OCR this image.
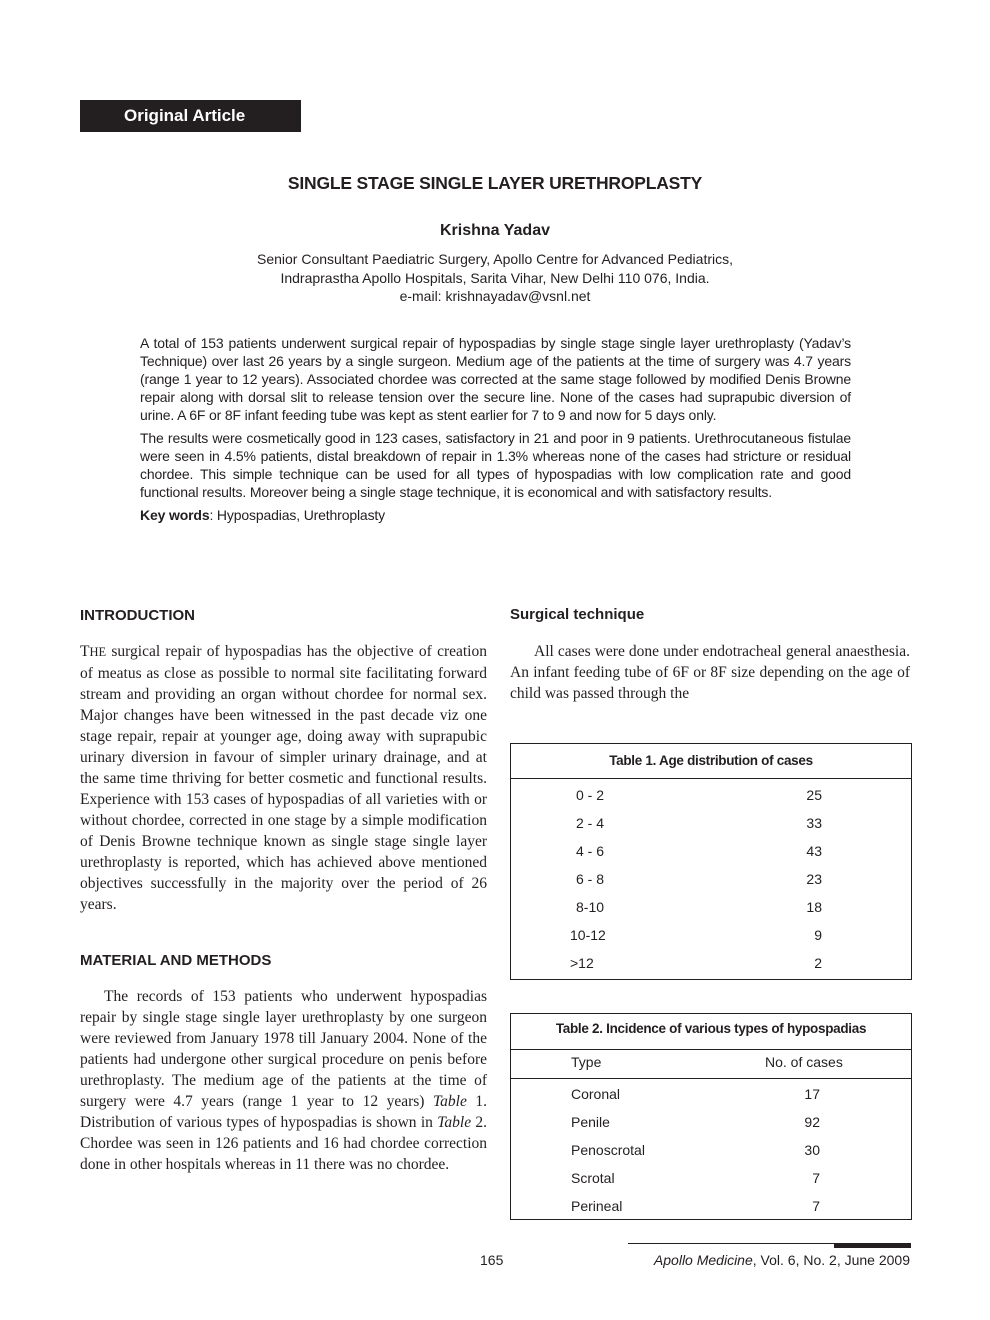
Original Article
SINGLE STAGE SINGLE LAYER URETHROPLASTY
Krishna Yadav
Senior Consultant Paediatric Surgery, Apollo Centre for Advanced Pediatrics,
Indraprastha Apollo Hospitals, Sarita Vihar, New Delhi 110 076, India.
e-mail: krishnayadav@vsnl.net

A total of 153 patients underwent surgical repair of hypospadias by single stage single layer urethroplasty (Yadav’s Technique) over last 26 years by a single surgeon. Medium age of the patients at the time of surgery was 4.7 years (range 1 year to 12 years). Associated chordee was corrected at the same stage followed by modified Denis Browne repair along with dorsal slit to release tension over the secure line. None of the cases had suprapubic diversion of urine. A 6F or 8F infant feeding tube was kept as stent earlier for 7 to 9 and now for 5 days only.

The results were cosmetically good in 123 cases, satisfactory in 21 and poor in 9 patients. Urethrocutaneous fistulae were seen in 4.5% patients, distal breakdown of repair in 1.3% whereas none of the cases had stricture or residual chordee. This simple technique can be used for all types of hypospadias with low complication rate and good functional results. Moreover being a single stage technique, it is economical and with satisfactory results.

Key words: Hypospadias, Urethroplasty
INTRODUCTION

THE surgical repair of hypospadias has the objective of creation of meatus as close as possible to normal site facilitating forward stream and providing an organ without chordee for normal sex. Major changes have been witnessed in the past decade viz one stage repair, repair at younger age, doing away with suprapubic urinary diversion in favour of simpler urinary drainage, and at the same time thriving for better cosmetic and functional results. Experience with 153 cases of hypospadias of all varieties with or without chordee, corrected in one stage by a simple modification of Denis Browne technique known as single stage single layer urethroplasty is reported, which has achieved above mentioned objectives successfully in the majority over the period of 26 years.

MATERIAL AND METHODS

The records of 153 patients who underwent hypospadias repair by single stage single layer urethroplasty by one surgeon were reviewed from January 1978 till January 2004. None of the patients had undergone other surgical procedure on penis before urethroplasty. The medium age of the patients at the time of surgery were 4.7 years (range 1 year to 12 years) Table 1. Distribution of various types of hypospadias is shown in Table 2. Chordee was seen in 126 patients and 16 had chordee correction done in other hospitals whereas in 11 there was no chordee.

Surgical technique

All cases were done under endotracheal general anaesthesia. An infant feeding tube of 6F or 8F size depending on the age of child was passed through the

Table 1. Age distribution of cases
0 - 2	25
2 - 4	33
4 - 6	43
6 - 8	23
8-10	18
10-12	9
>12	2
Table 2. Incidence of various types of hypospadias
Type	No. of cases
Coronal	17
Penile	92
Penoscrotal	30
Scrotal	7
Perineal	7
165	Apollo Medicine, Vol. 6, No. 2, June 2009
